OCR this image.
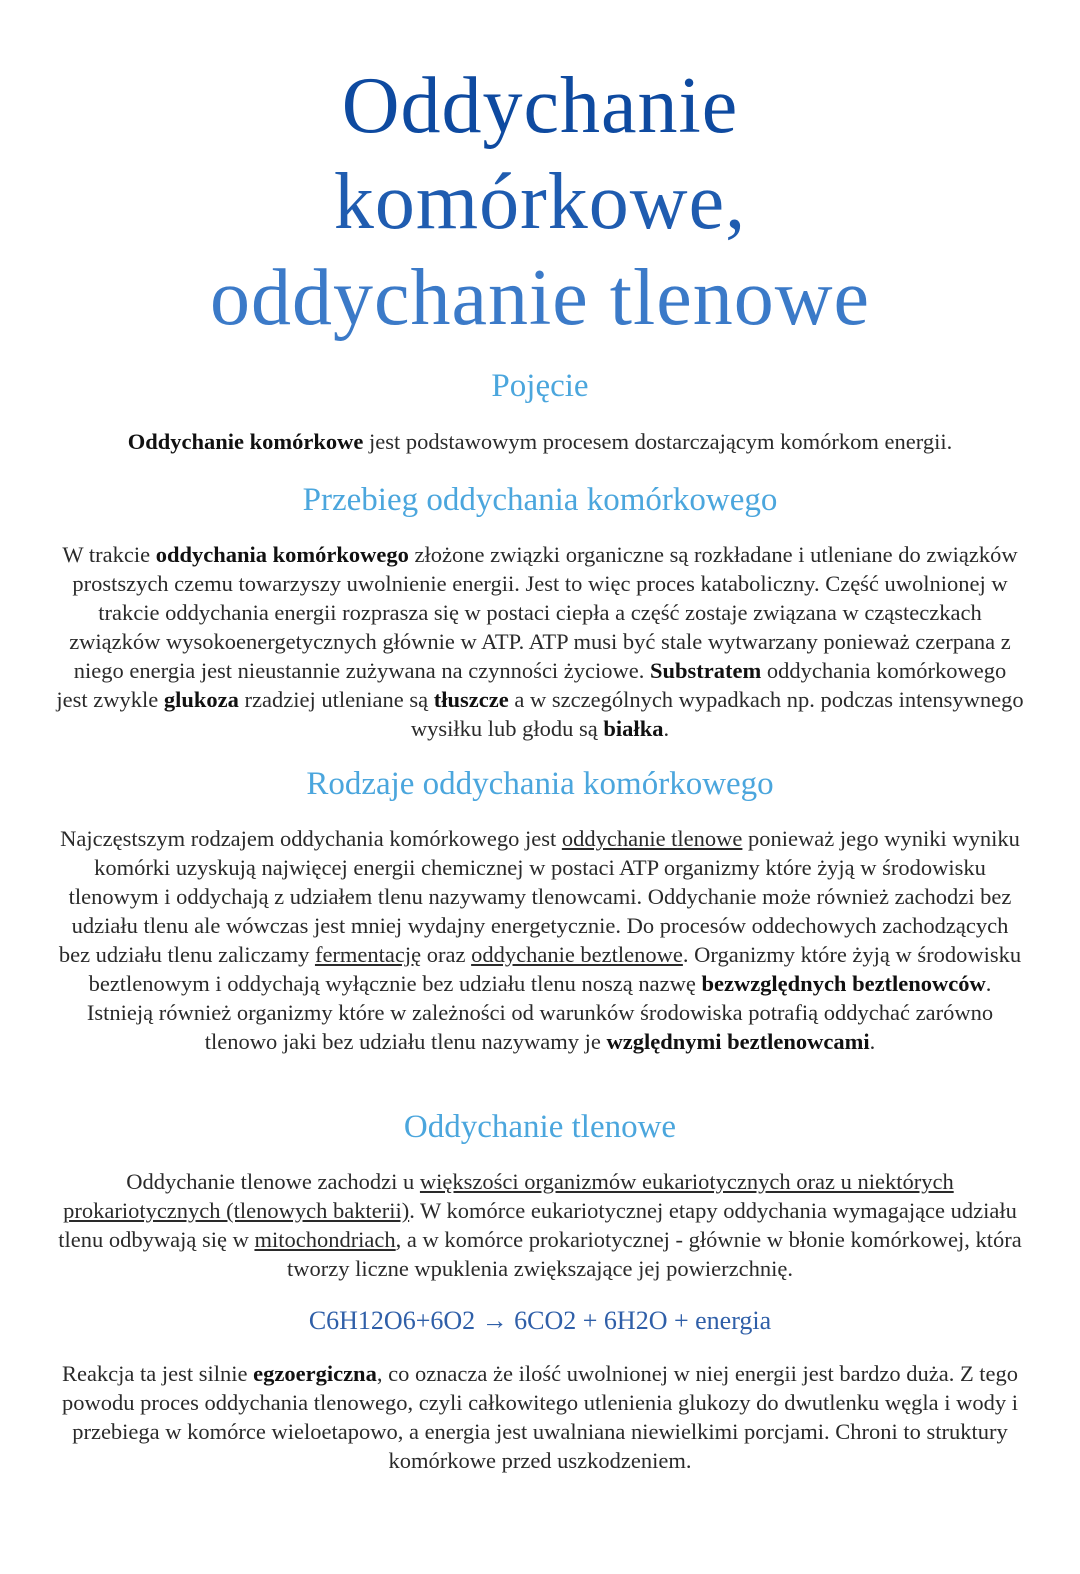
Oddychanie
komórkowe,
oddychanie tlenowe
Pojęcie

Oddychanie komórkowe jest podstawowym procesem dostarczającym komórkom energii.

Przebieg oddychania komórkowego

W trakcie oddychania komórkowego złożone związki organiczne są rozkładane i utleniane do związków prostszych czemu towarzyszy uwolnienie energii. Jest to więc proces kataboliczny. Część uwolnionej w trakcie oddychania energii rozprasza się w postaci ciepła a część zostaje związana w cząsteczkach związków wysokoenergetycznych głównie w ATP. ATP musi być stale wytwarzany ponieważ czerpana z niego energia jest nieustannie zużywana na czynności życiowe. Substratem oddychania komórkowego jest zwykle glukoza rzadziej utleniane są tłuszcze a w szczególnych wypadkach np. podczas intensywnego wysiłku lub głodu są białka.

Rodzaje oddychania komórkowego

Najczęstszym rodzajem oddychania komórkowego jest oddychanie tlenowe ponieważ jego wyniki wyniku komórki uzyskują najwięcej energii chemicznej w postaci ATP organizmy które żyją w środowisku tlenowym i oddychają z udziałem tlenu nazywamy tlenowcami. Oddychanie może również zachodzi bez udziału tlenu ale wówczas jest mniej wydajny energetycznie. Do procesów oddechowych zachodzących bez udziału tlenu zaliczamy fermentację oraz oddychanie beztlenowe. Organizmy które żyją w środowisku beztlenowym i oddychają wyłącznie bez udziału tlenu noszą nazwę bezwzględnych beztlenowców. Istnieją również organizmy które w zależności od warunków środowiska potrafią oddychać zarówno tlenowo jaki bez udziału tlenu nazywamy je względnymi beztlenowcami.

Oddychanie tlenowe

Oddychanie tlenowe zachodzi u większości organizmów eukariotycznych oraz u niektórych prokariotycznych (tlenowych bakterii). W komórce eukariotycznej etapy oddychania wymagające udziału tlenu odbywają się w mitochondriach, a w komórce prokariotycznej - głównie w błonie komórkowej, która tworzy liczne wpuklenia zwiększające jej powierzchnię.

C6H12O6+6O2 → 6CO2 + 6H2O + energia

Reakcja ta jest silnie egzoergiczna, co oznacza że ilość uwolnionej w niej energii jest bardzo duża. Z tego powodu proces oddychania tlenowego, czyli całkowitego utlenienia glukozy do dwutlenku węgla i wody i przebiega w komórce wieloetapowo, a energia jest uwalniana niewielkimi porcjami. Chroni to struktury komórkowe przed uszkodzeniem.
